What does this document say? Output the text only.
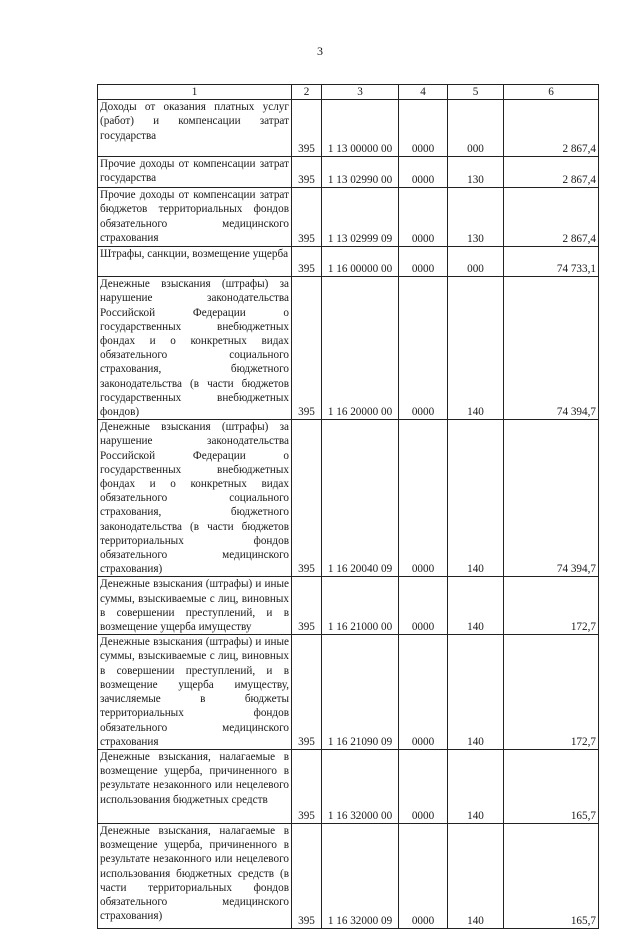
3
1	2	3	4	5	6
Доходы от оказания платных услуг (работ) и компенсации затрат государства	395	1 13 00000 00	0000	000	2 867,4
Прочие доходы от компенсации затрат государства	395	1 13 02990 00	0000	130	2 867,4
Прочие доходы от компенсации затрат бюджетов территориальных фондов обязательного медицинского страхования	395	1 13 02999 09	0000	130	2 867,4
Штрафы, санкции, возмещение ущерба	395	1 16 00000 00	0000	000	74 733,1
Денежные взыскания (штрафы) за нарушение законодательства Российской Федерации о государственных внебюджетных фондах и о конкретных видах обязательного социального страхования, бюджетного законодательства (в части бюджетов государственных внебюджетных фондов)	395	1 16 20000 00	0000	140	74 394,7
Денежные взыскания (штрафы) за нарушение законодательства Российской Федерации о государственных внебюджетных фондах и о конкретных видах обязательного социального страхования, бюджетного законодательства (в части бюджетов территориальных фондов обязательного медицинского страхования)	395	1 16 20040 09	0000	140	74 394,7
Денежные взыскания (штрафы) и иные суммы, взыскиваемые с лиц, виновных в совершении преступлений, и в возмещение ущерба имуществу	395	1 16 21000 00	0000	140	172,7
Денежные взыскания (штрафы) и иные суммы, взыскиваемые с лиц, виновных в совершении преступлений, и в возмещение ущерба имуществу, зачисляемые в бюджеты территориальных фондов обязательного медицинского страхования	395	1 16 21090 09	0000	140	172,7
Денежные взыскания, налагаемые в возмещение ущерба, причиненного в результате незаконного или нецелевого использования бюджетных средств	395	1 16 32000 00	0000	140	165,7
Денежные взыскания, налагаемые в возмещение ущерба, причиненного в результате незаконного или нецелевого использования бюджетных средств (в части территориальных фондов обязательного медицинского страхования)	395	1 16 32000 09	0000	140	165,7
